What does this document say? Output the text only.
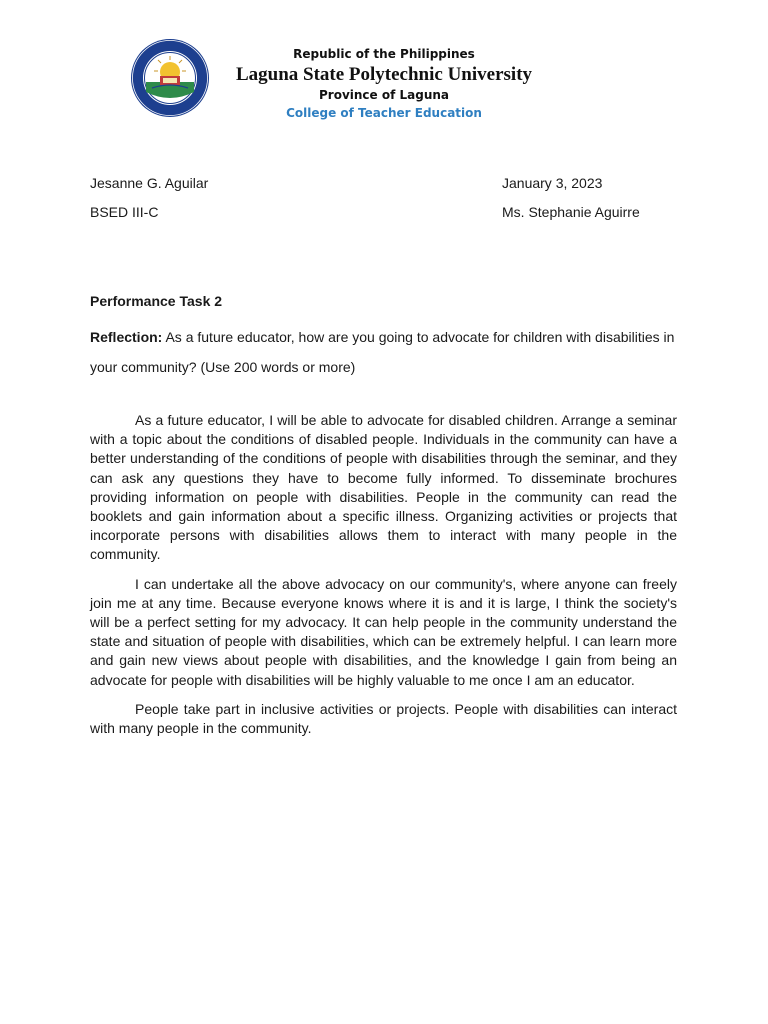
Republic of the Philippines
Laguna State Polytechnic University
Province of Laguna
College of Teacher Education
Jesanne G. Aguilar
BSED III-C
January 3, 2023
Ms. Stephanie Aguirre
Performance Task 2
Reflection: As a future educator, how are you going to advocate for children with disabilities in your community? (Use 200 words or more)

As a future educator, I will be able to advocate for disabled children. Arrange a seminar with a topic about the conditions of disabled people. Individuals in the community can have a better understanding of the conditions of people with disabilities through the seminar, and they can ask any questions they have to become fully informed. To disseminate brochures providing information on people with disabilities. People in the community can read the booklets and gain information about a specific illness. Organizing activities or projects that incorporate persons with disabilities allows them to interact with many people in the community.

I can undertake all the above advocacy on our community's, where anyone can freely join me at any time. Because everyone knows where it is and it is large, I think the society's will be a perfect setting for my advocacy. It can help people in the community understand the state and situation of people with disabilities, which can be extremely helpful. I can learn more and gain new views about people with disabilities, and the knowledge I gain from being an advocate for people with disabilities will be highly valuable to me once I am an educator.

People take part in inclusive activities or projects. People with disabilities can interact with many people in the community.
